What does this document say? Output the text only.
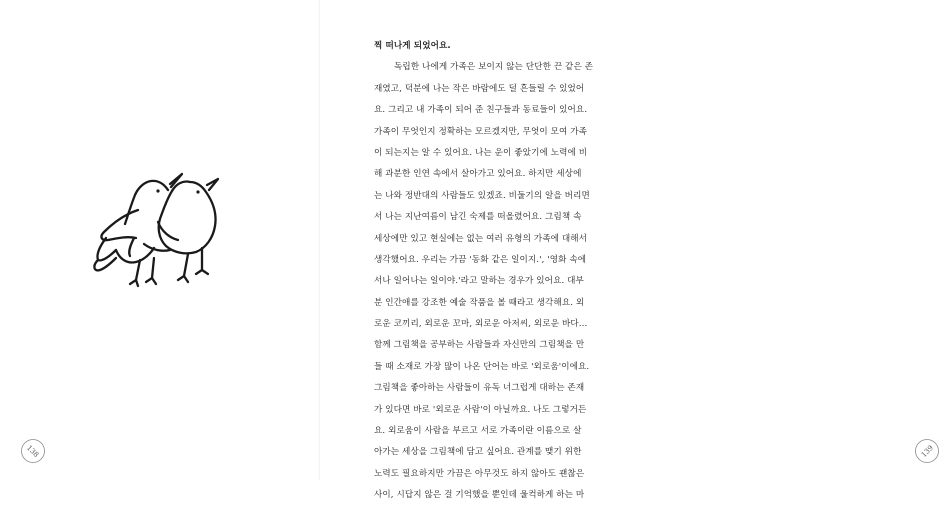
138	139
찍 떠나게 되었어요.
독립한 나에게 가족은 보이지 않는 단단한 끈 같은 존
재였고, 덕분에 나는 작은 바람에도 덜 흔들릴 수 있었어
요. 그리고 내 가족이 되어 준 친구들과 동료들이 있어요.
가족이 무엇인지 정확하는 모르겠지만, 무엇이 모여 가족
이 되는지는 알 수 있어요. 나는 운이 좋았기에 노력에 비
해 과분한 인연 속에서 살아가고 있어요. 하지만 세상에
는 나와 정반대의 사람들도 있겠죠. 비둘기의 알을 버리면
서 나는 지난여름이 남긴 숙제를 떠올렸어요. 그림책 속
세상에만 있고 현실에는 없는 여러 유형의 가족에 대해서
생각했어요. 우리는 가끔 '동화 같은 일이지.', '영화 속에
서나 일어나는 일이야.'라고 말하는 경우가 있어요. 대부
분 인간애를 강조한 예술 작품을 볼 때라고 생각해요. 외
로운 코끼리, 외로운 꼬마, 외로운 아저씨, 외로운 바다…
함께 그림책을 공부하는 사람들과 자신만의 그림책을 만
들 때 소재로 가장 많이 나온 단어는 바로 '외로움'이에요.
그림책을 좋아하는 사람들이 유독 너그럽게 대하는 존재
가 있다면 바로 '외로운 사람'이 아닐까요. 나도 그렇거든
요. 외로움이 사람을 부르고 서로 가족이란 이름으로 살
아가는 세상을 그림책에 담고 싶어요. 관계를 맺기 위한
노력도 필요하지만 가끔은 아무것도 하지 않아도 괜찮은
사이, 시답지 않은 걸 기억했을 뿐인데 울컥하게 하는 마
